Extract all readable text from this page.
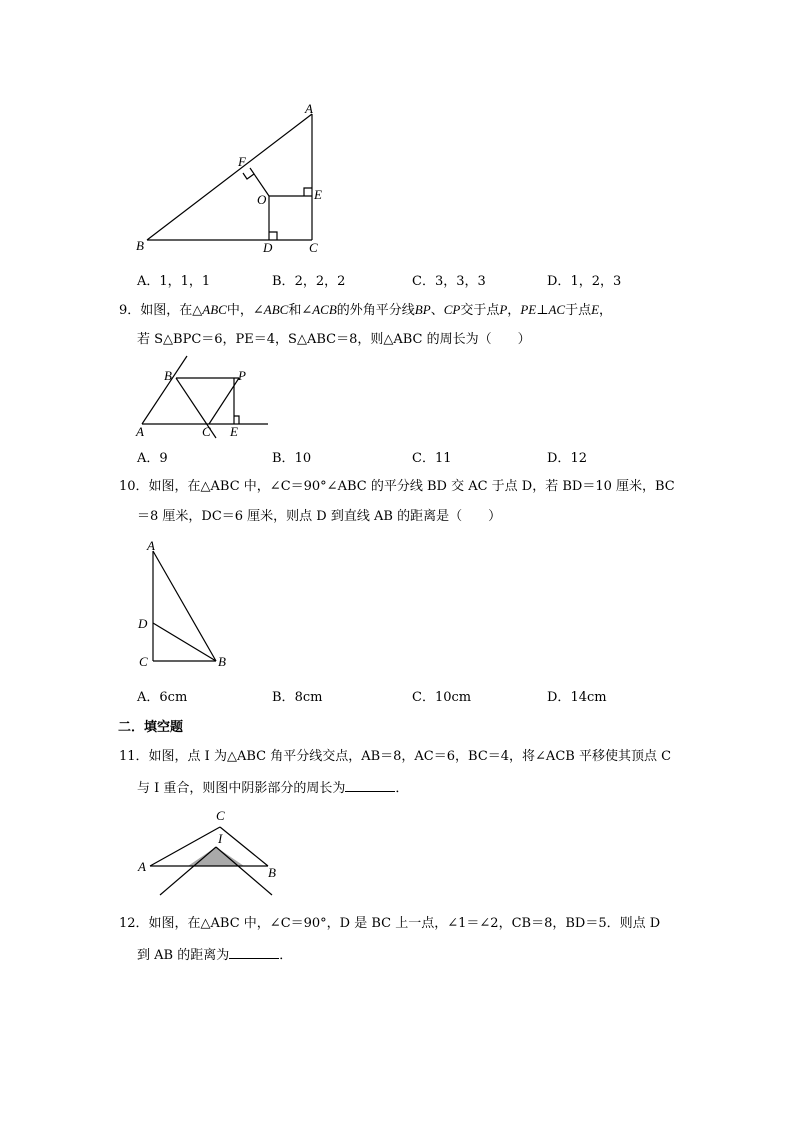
A
B	C
D
E
F
O
A．1，1，1	B．2，2，2	C．3，3，3	D．1，2，3
9．如图，在△ABC中，∠ABC和∠ACB的外角平分线BP、CP交于点P，PE⊥AC于点E，
若 S△BPC＝6，PE＝4，S△ABC＝8，则△ABC 的周长为（　　）
A
B
C E
P
A．9	B．10	C．11	D．12
10．如图，在△ABC 中，∠C＝90°∠ABC 的平分线 BD 交 AC 于点 D，若 BD＝10 厘米，BC
＝8 厘米，DC＝6 厘米，则点 D 到直线 AB 的距离是（　　）
A
D
C	B
A．6cm	B．8cm	C．10cm	D．14cm
二．填空题
11．如图，点 I 为△ABC 角平分线交点，AB＝8，AC＝6，BC＝4，将∠ACB 平移使其顶点 C
与 I 重合，则图中阴影部分的周长为	．
C
I
A	B
12．如图，在△ABC 中，∠C＝90°，D 是 BC 上一点，∠1＝∠2，CB＝8，BD＝5．则点 D
到 AB 的距离为	．
